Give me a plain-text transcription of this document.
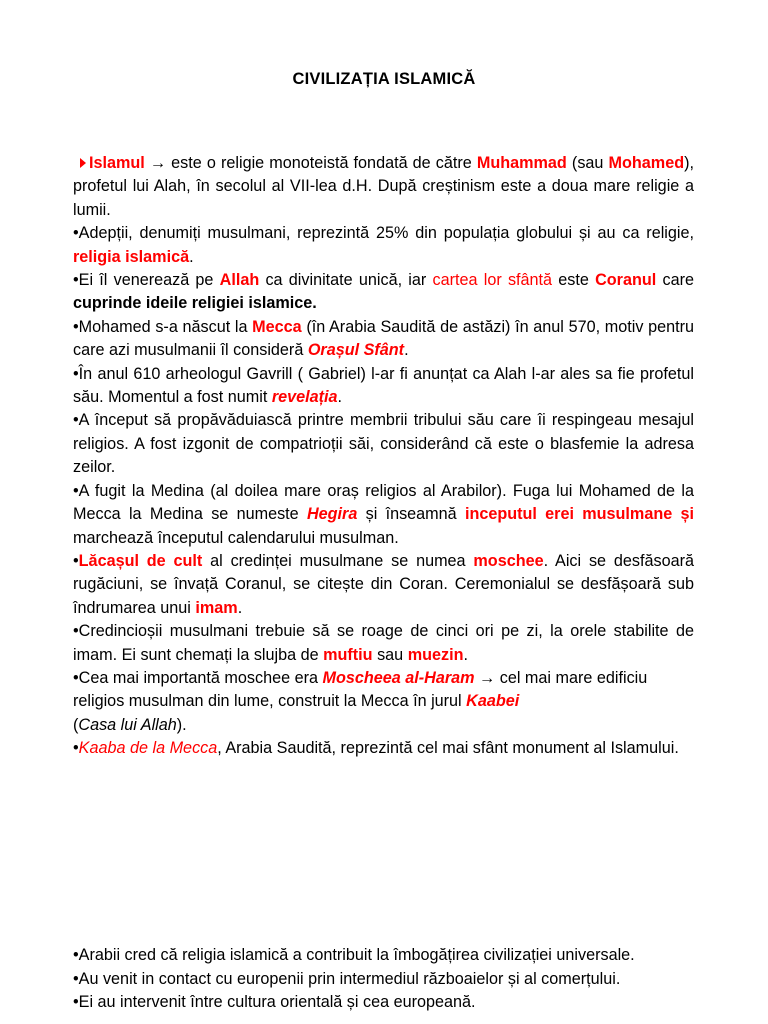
CIVILIZAȚIA ISLAMICĂ

Islamul → este o religie monoteistă fondată de către Muhammad (sau Mohamed), profetul lui Alah, în secolul al VII-lea d.H. După creștinism este a doua mare religie a lumii.

•Adepții, denumiți musulmani, reprezintă 25% din populația globului și au ca religie, religia islamică.

•Ei îl venerează pe Allah ca divinitate unică, iar cartea lor sfântă este Coranul care cuprinde ideile religiei islamice.

•Mohamed s-a născut la Mecca (în Arabia Saudită de astăzi) în anul 570, motiv pentru care azi musulmanii îl consideră Orașul Sfânt.

•În anul 610 arheologul Gavrill ( Gabriel) l-ar fi anunțat ca Alah l-ar ales sa fie profetul său. Momentul a fost numit revelația.

•A început să propăvăduiască printre membrii tribului său care îi respingeau mesajul religios. A fost izgonit de compatrioții săi, considerând că este o blasfemie la adresa zeilor.

•A fugit la Medina (al doilea mare oraș religios al Arabilor). Fuga lui Mohamed de la Mecca la Medina se numeste Hegira și înseamnă inceputul erei musulmane și marchează începutul calendarului musulman.

•Lăcașul de cult al credinței musulmane se numea moschee. Aici se desfăsoară rugăciuni, se învață Coranul, se citește din Coran. Ceremonialul se desfășoară sub îndrumarea unui imam.

•Credincioșii musulmani trebuie să se roage de cinci ori pe zi, la orele stabilite de imam. Ei sunt chemați la slujba de muftiu sau muezin.

•Cea mai importantă moschee era Moscheea al-Haram → cel mai mare edificiu religios musulman din lume, construit la Mecca în jurul Kaabei
(Casa lui Allah).

•Kaaba de la Mecca, Arabia Saudită, reprezintă cel mai sfânt monument al Islamului.

•Arabii cred că religia islamică a contribuit la îmbogățirea civilizației universale.

•Au venit in contact cu europenii prin intermediul războaielor și al comerțului.

•Ei au intervenit între cultura orientală și cea europeană.
